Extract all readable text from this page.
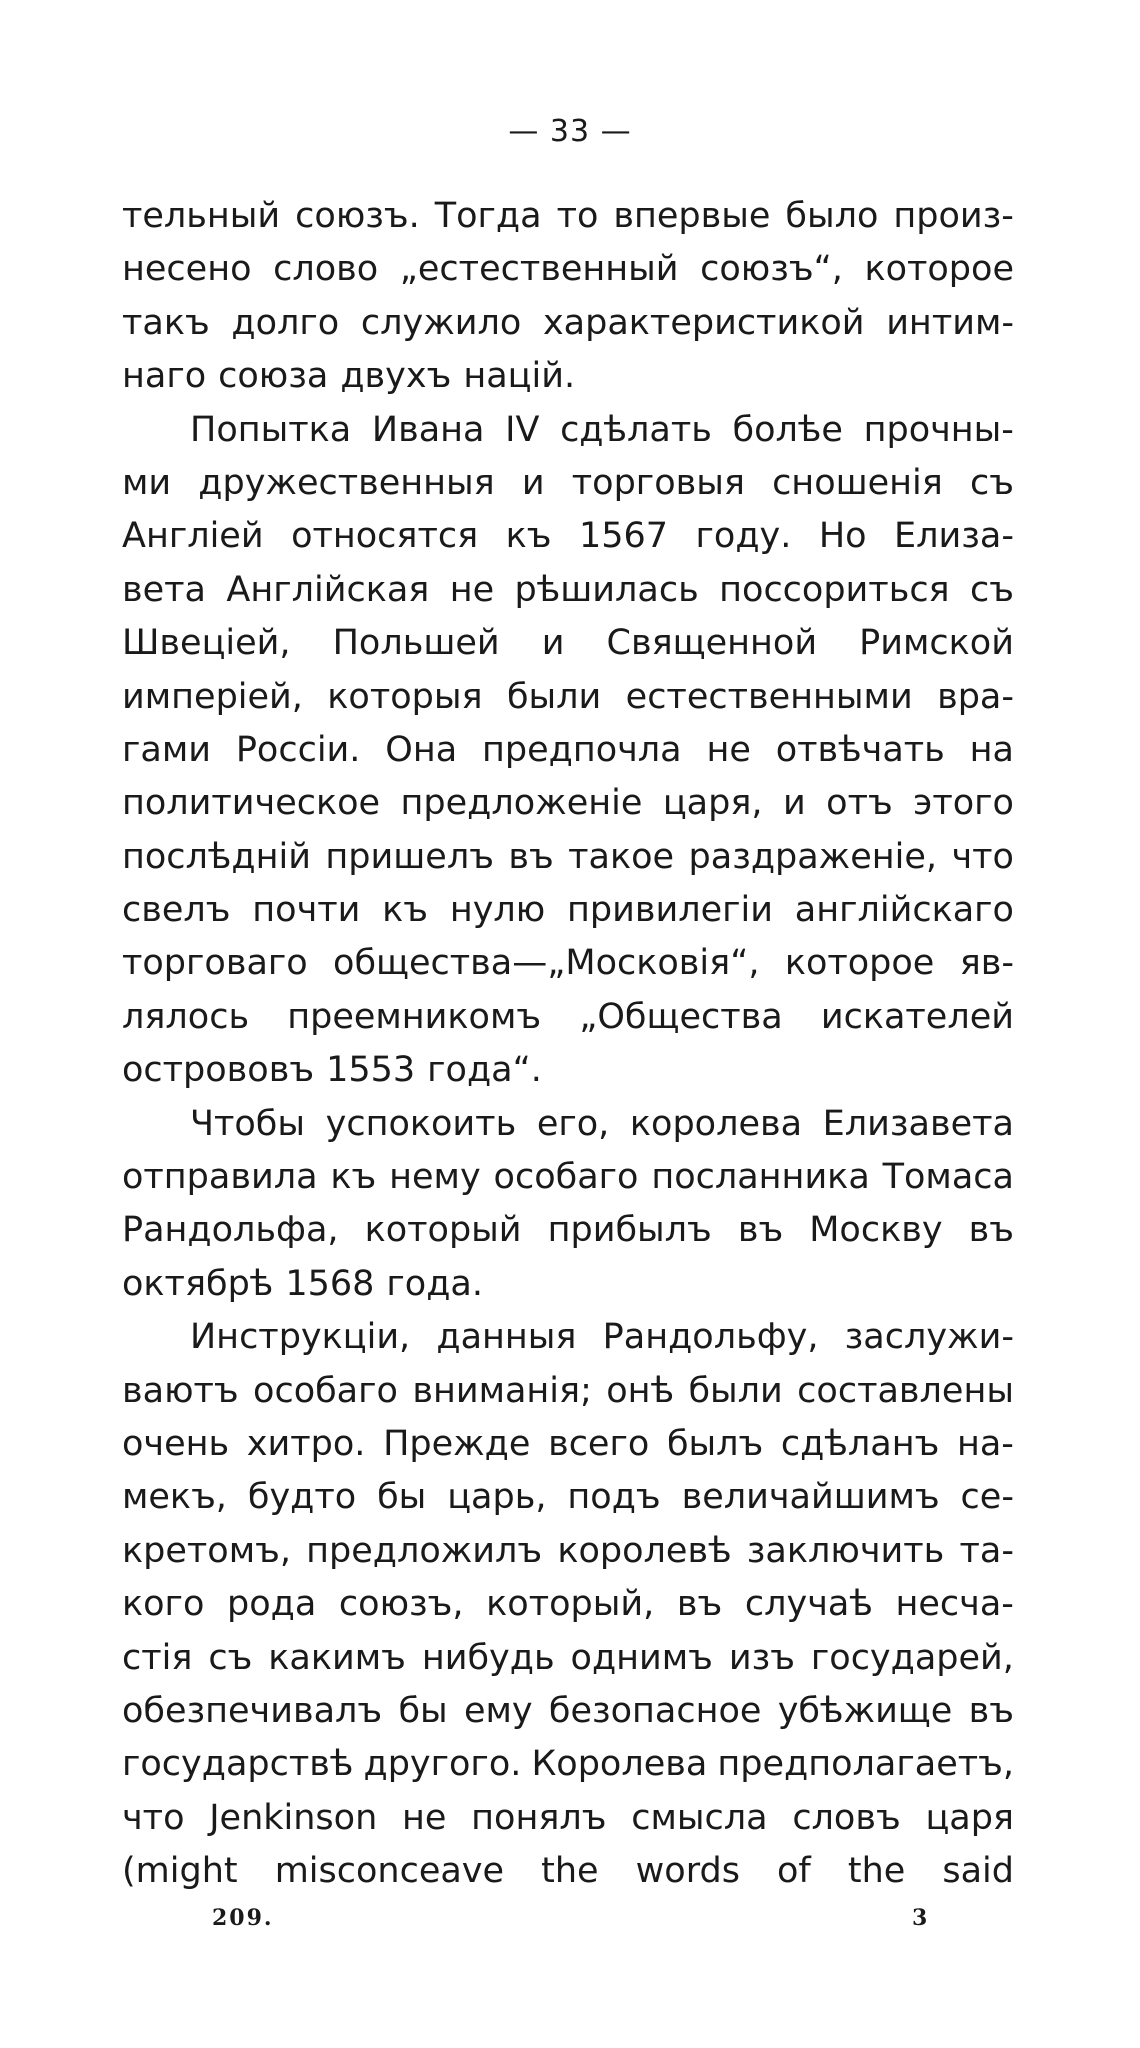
— 33 —
тельный союзъ. Тогда то впервые было произ-
несено слово „естественный союзъ“, которое
такъ долго служило характеристикой интим-
наго союза двухъ націй.
Попытка Ивана IV сдѣлать болѣе прочны-
ми дружественныя и торговыя сношенія съ
Англіей относятся къ 1567 году. Но Елиза-
вета Англійская не рѣшилась поссориться съ
Швеціей, Польшей и Священной Римской
имперіей, которыя были естественными вра-
гами Россіи. Она предпочла не отвѣчать на
политическое предложеніе царя, и отъ этого
послѣдній пришелъ въ такое раздраженіе, что
свелъ почти къ нулю привилегіи англійскаго
торговаго общества—„Московія“, которое яв-
лялось преемникомъ „Общества искателей
острововъ 1553 года“.
Чтобы успокоить его, королева Елизавета
отправила къ нему особаго посланника Томаса
Рандольфа, который прибылъ въ Москву въ
октябрѣ 1568 года.
Инструкціи, данныя Рандольфу, заслужи-
ваютъ особаго вниманія; онѣ были составлены
очень хитро. Прежде всего былъ сдѣланъ на-
мекъ, будто бы царь, подъ величайшимъ се-
кретомъ, предложилъ королевѣ заключить та-
кого рода союзъ, который, въ случаѣ несча-
стія съ какимъ нибудь однимъ изъ государей,
обезпечивалъ бы ему безопасное убѣжище въ
государствѣ другого. Королева предполагаетъ,
что Jenkinson не понялъ смысла словъ царя
(might misconceave the words of the said
209.	3
